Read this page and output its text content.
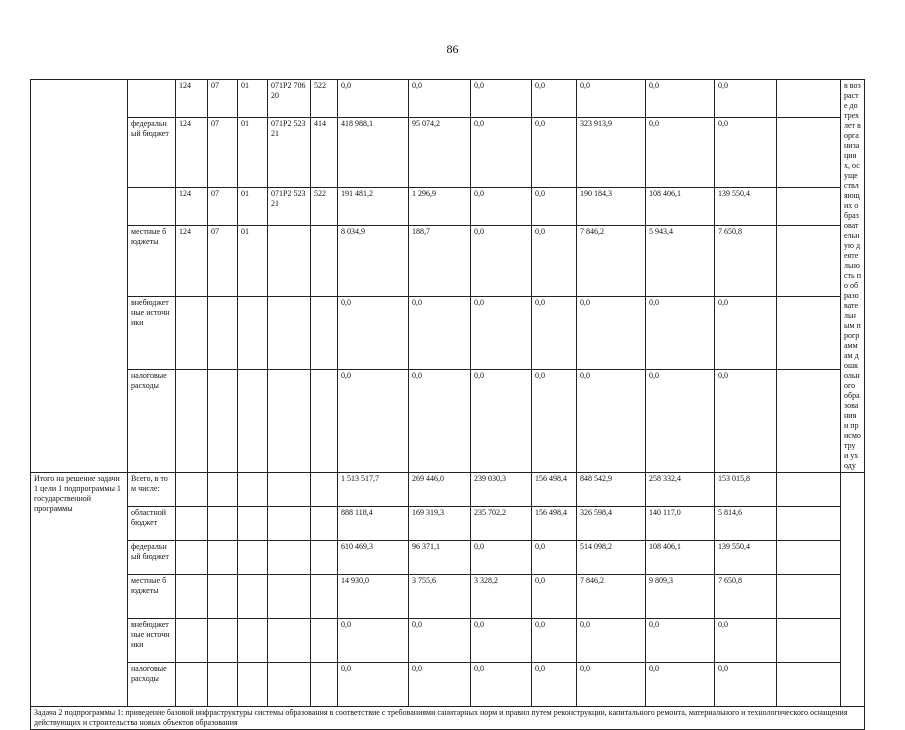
86
		124	07	01	071P2 70620	522	0,0	0,0	0,0	0,0	0,0	0,0	0,0		в возрасте до трех лет в организациях, осуществляющих образовательную деятельность по образовательным программам дошкольного образования и присмотру и уходу
	федеральный бюджет	124	07	01	071P2 52321	414	418 988,1	95 074,2	0,0	0,0	323 913,9	0,0	0,0		
		124	07	01	071P2 52321	522	191 481,2	1 296,9	0,0	0,0	190 184,3	108 406,1	139 550,4		
	местные бюджеты	124	07	01			8 034,9	188,7	0,0	0,0	7 846,2	5 943,4	7 650,8		
	внебюджетные источники						0,0	0,0	0,0	0,0	0,0	0,0	0,0		
	налоговые расходы						0,0	0,0	0,0	0,0	0,0	0,0	0,0		
Итого на решение задачи 1 цели 1 подпрограммы 1 государственной программы	Всего, в том числе:						1 513 517,7	269 446,0	239 030,3	156 498,4	848 542,9	258 332,4	153 015,8		
	областной бюджет						888 118,4	169 319,3	235 702,2	156 498,4	326 598,4	140 117,0	5 814,6		
	федеральный бюджет						610 469,3	96 371,1	0,0	0,0	514 098,2	108 406,1	139 550,4		
	местные бюджеты						14 930,0	3 755,6	3 328,2	0,0	7 846,2	9 809,3	7 650,8		
	внебюджетные источники						0,0	0,0	0,0	0,0	0,0	0,0	0,0		
	налоговые расходы						0,0	0,0	0,0	0,0	0,0	0,0	0,0		
Задача 2 подпрограммы 1: приведение базовой инфраструктуры системы образования в соответствие с требованиями санитарных норм и правил путем реконструкции, капитального ремонта, материального и технологического оснащения действующих и строительства новых объектов образования															
